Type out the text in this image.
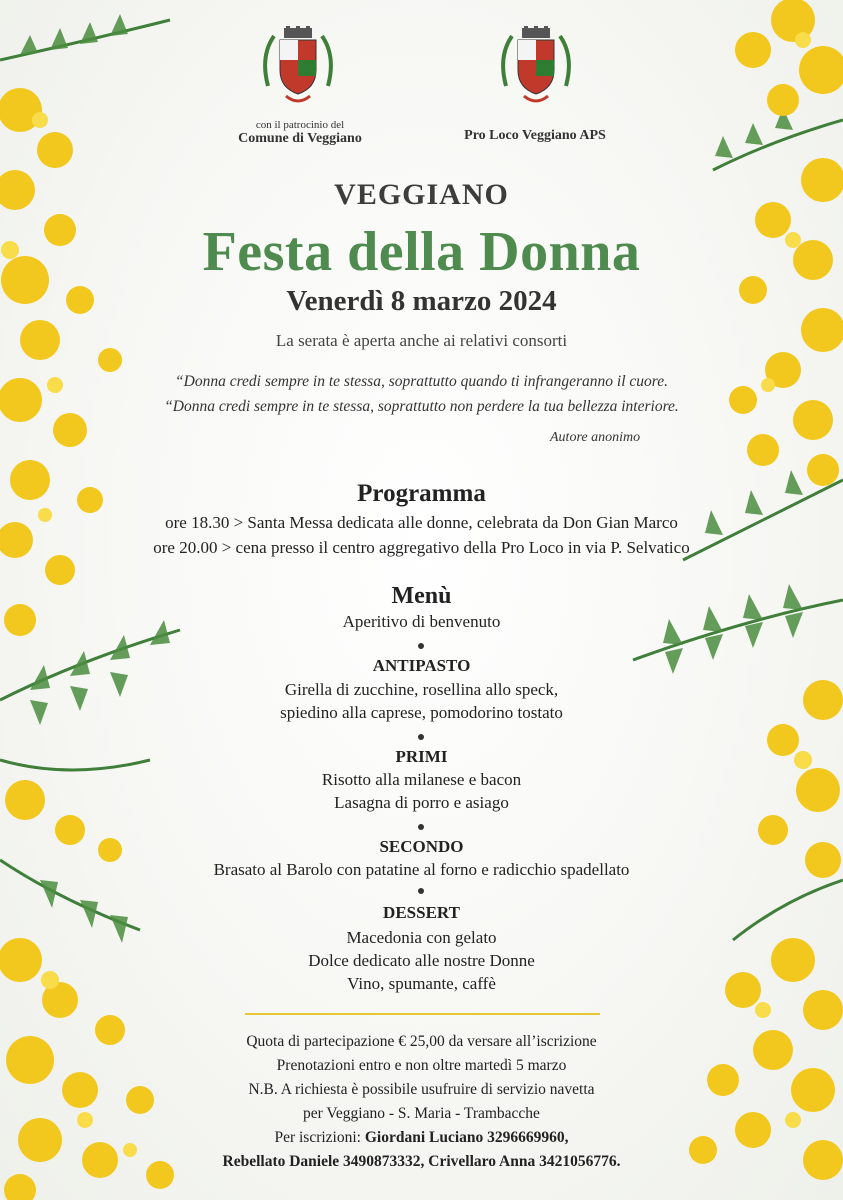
con il patrocinio del
Comune di Veggiano	Pro Loco Veggiano APS
VEGGIANO
Festa della Donna
Venerdì 8 marzo 2024
La serata è aperta anche ai relativi consorti
“Donna credi sempre in te stessa, soprattutto quando ti infrangeranno il cuore.
“Donna credi sempre in te stessa, soprattutto non perdere la tua bellezza interiore.
Autore anonimo
Programma
ore 18.30 > Santa Messa dedicata alle donne, celebrata da Don Gian Marco
ore 20.00 > cena presso il centro aggregativo della Pro Loco in via P. Selvatico
Menù
Aperitivo di benvenuto
ANTIPASTO
Girella di zucchine, rosellina allo speck,
spiedino alla caprese, pomodorino tostato
PRIMI
Risotto alla milanese e bacon
Lasagna di porro e asiago
SECONDO
Brasato al Barolo con patatine al forno e radicchio spadellato
DESSERT
Macedonia con gelato
Dolce dedicato alle nostre Donne
Vino, spumante, caffè
Quota di partecipazione € 25,00 da versare all’iscrizione
Prenotazioni entro e non oltre martedì 5 marzo
N.B. A richiesta è possibile usufruire di servizio navetta
per Veggiano - S. Maria - Trambacche
Per iscrizioni: Giordani Luciano 3296669960,
Rebellato Daniele 3490873332, Crivellaro Anna 3421056776.
